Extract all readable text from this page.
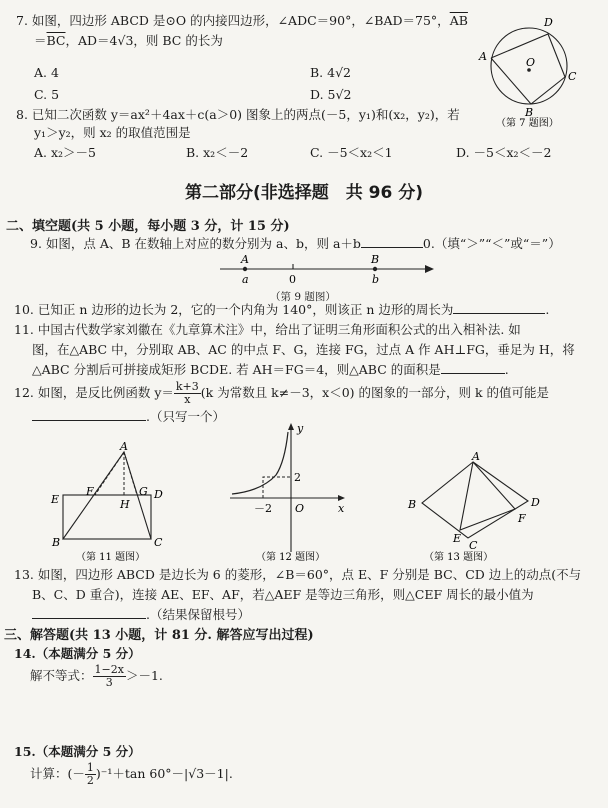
7. 如图，四边形 ABCD 是⊙O 的内接四边形，∠ADC＝90°，∠BAD＝75°，$\overline{AB}$
$=\overline{BC}$，AD＝4√3，则 BC 的长为
A. 4	B. 4√2
C. 5	D. 5√2
D
A
C
O
B
（第 7 题图）
8. 已知二次函数 y＝ax²＋4ax＋c(a＞0) 图象上的两点(－5，y₁)和(x₂，y₂)，若
y₁＞y₂，则 x₂ 的取值范围是
A. x₂＞－5	B. x₂＜－2	C. －5＜x₂＜1	D. －5＜x₂＜－2
第二部分(非选择题　共 96 分)
二、填空题(共 5 小题，每小题 3 分，计 15 分)
9. 如图，点 A、B 在数轴上对应的数分别为 a、b，则 a＋b	0.（填“＞”“＜”或“＝”）
A
a	0
B
b
（第 9 题图）
10. 已知正 n 边形的边长为 2，它的一个内角为 140°，则该正 n 边形的周长为	.
11. 中国古代数学家刘徽在《九章算术注》中，给出了证明三角形面积公式的出入相补法. 如
图，在△ABC 中，分别取 AB、AC 的中点 F、G，连接 FG，过点 A 作 AH⊥FG，垂足为 H，将
△ABC 分割后可拼接成矩形 BCDE. 若 AH＝FG＝4，则△ABC 的面积是	.
12. 如图，是反比例函数 $y= \frac{k+3}{x} (k$ 为常数且 k≠－3，x＜0) 的图象的一部分，则 k 的值可能是
.（只写一个）
A
E
F
H
G D
B	C
（第 11 题图）
y
x
O
2
－2
（第 12 题图）
A
B	D
F
E
C
（第 13 题图）
13. 如图，四边形 ABCD 是边长为 6 的菱形，∠B＝60°，点 E、F 分别是 BC、CD 边上的动点(不与
B、C、D 重合)，连接 AE、EF、AF，若△AEF 是等边三角形，则△CEF 周长的最小值为
.（结果保留根号）
三、解答题(共 13 小题，计 81 分. 解答应写出过程)
14.（本题满分 5 分）
解不等式： $\frac{1-2x}{3} >-1$.
15.（本题满分 5 分）
计算：(－ $\frac{1}{2} )^{-1}+\tan$ 60°－|√3－1|.
